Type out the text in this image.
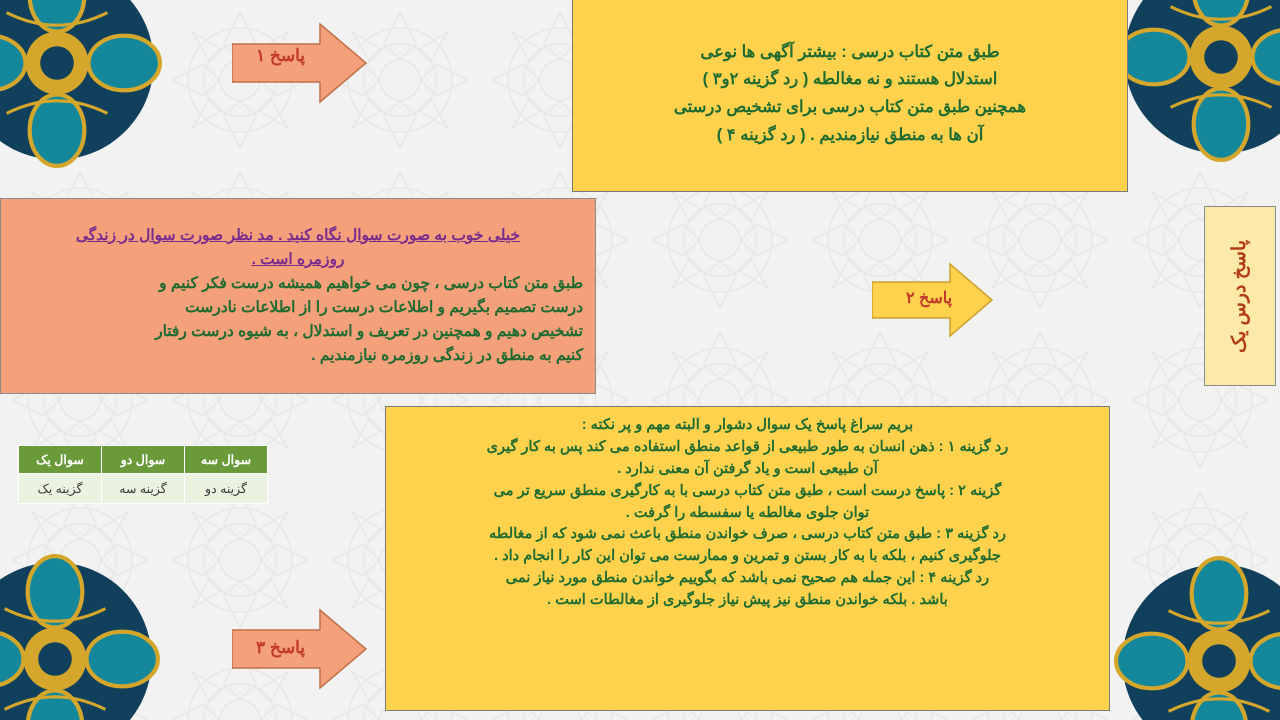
طبق متن کتاب درسی : بیشتر آگهی ها نوعی
استدلال هستند و نه مغالطه ( رد گزینه ۲و۳ )
همچنین طبق متن کتاب درسی برای تشخیص درستی
آن ها به منطق نیازمندیم . ( رد گزینه ۴ )
پاسخ ۱
خیلی خوب به صورت سوال نگاه کنید . مد نظر صورت سوال در زندگی
روزمره است .
طبق متن کتاب درسی ، چون می خواهیم همیشه درست فکر کنیم و
درست تصمیم بگیریم و اطلاعات درست را از اطلاعات نادرست
تشخیص دهیم و همچنین در تعریف و استدلال ، به شیوه درست رفتار
کنیم به منطق در زندگی روزمره نیازمندیم .
پاسخ ۲	پاسخ درس یک
سوال سه	سوال دو	سوال یک
گزینه دو	گزینه سه	گزینه یک
بریم سراغ پاسخ یک سوال دشوار و البته مهم و پر نکته :
رد گزینه ۱ : ذهن انسان به طور طبیعی از قواعد منطق استفاده می کند پس به کار گیری
آن طبیعی است و یاد گرفتن آن معنی ندارد .
گزینه ۲ : پاسخ درست است ، طبق متن کتاب درسی با به کارگیری منطق سریع تر می
توان جلوی مغالطه یا سفسطه را گرفت .
رد گزینه ۳ : طبق متن کتاب درسی ، صرف خواندن منطق باعث نمی شود که از مغالطه
جلوگیری کنیم ، بلکه با به کار بستن و تمرین و ممارست می توان این کار را انجام داد .
رد گزینه ۴ : این جمله هم صحیح نمی باشد که بگوییم خواندن منطق مورد نیاز نمی
باشد . بلکه خواندن منطق نیز پیش نیاز جلوگیری از مغالطات است .
پاسخ ۳
